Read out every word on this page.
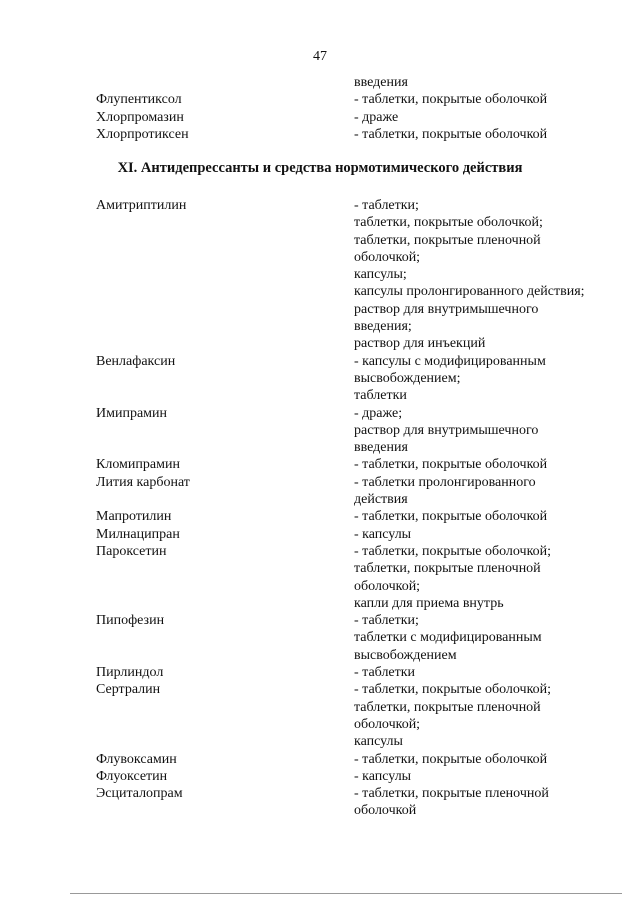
47
введения
Флупентиксол	- таблетки, покрытые оболочкой
Хлорпромазин	- драже
Хлорпротиксен	- таблетки, покрытые оболочкой
XI. Антидепрессанты и средства нормотимического действия
Амитриптилин	- таблетки;
таблетки, покрытые оболочкой;
таблетки, покрытые пленочной
оболочкой;
капсулы;
капсулы пролонгированного действия;
раствор для внутримышечного
введения;
раствор для инъекций
Венлафаксин	- капсулы с модифицированным
высвобождением;
таблетки
Имипрамин	- драже;
раствор для внутримышечного
введения
Кломипрамин	- таблетки, покрытые оболочкой
Лития карбонат	- таблетки пролонгированного
действия
Мапротилин	- таблетки, покрытые оболочкой
Милнаципран	- капсулы
Пароксетин	- таблетки, покрытые оболочкой;
таблетки, покрытые пленочной
оболочкой;
капли для приема внутрь
Пипофезин	- таблетки;
таблетки с модифицированным
высвобождением
Пирлиндол	- таблетки
Сертралин	- таблетки, покрытые оболочкой;
таблетки, покрытые пленочной
оболочкой;
капсулы
Флувоксамин	- таблетки, покрытые оболочкой
Флуоксетин	- капсулы
Эсциталопрам	- таблетки, покрытые пленочной
оболочкой
